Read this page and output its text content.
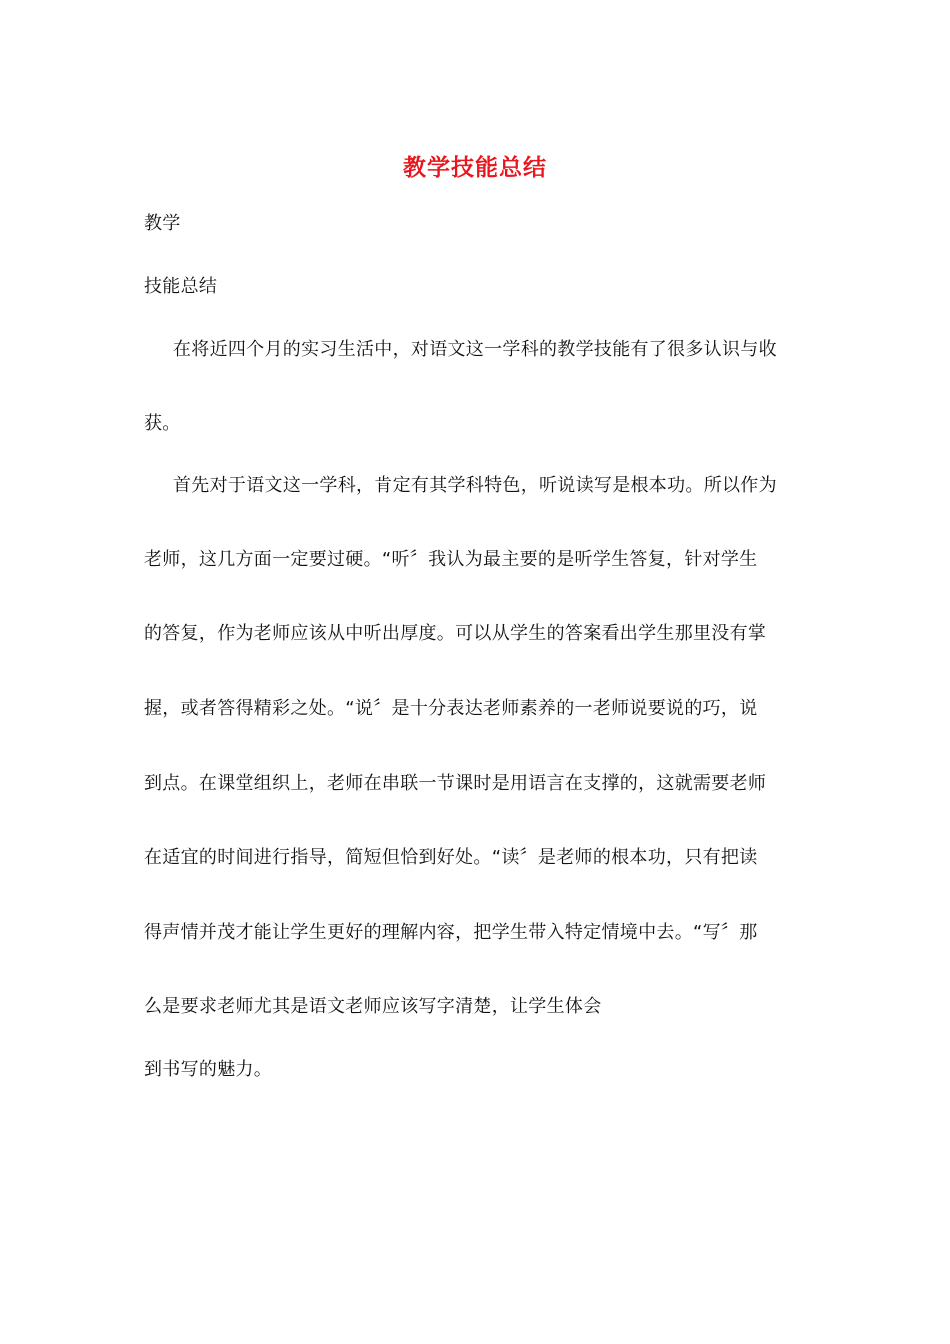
教学技能总结
教学
技能总结
在将近四个月的实习生活中，对语文这一学科的教学技能有了很多认识与收
获。
首先对于语文这一学科，肯定有其学科特色，听说读写是根本功。所以作为
老师，这几方面一定要过硬。“听〞我认为最主要的是听学生答复，针对学生
的答复，作为老师应该从中听出厚度。可以从学生的答案看出学生那里没有掌
握，或者答得精彩之处。“说〞是十分表达老师素养的一老师说要说的巧，说
到点。在课堂组织上，老师在串联一节课时是用语言在支撑的，这就需要老师
在适宜的时间进行指导，简短但恰到好处。“读〞是老师的根本功，只有把读
得声情并茂才能让学生更好的理解内容，把学生带入特定情境中去。“写〞那
么是要求老师尤其是语文老师应该写字清楚，让学生体会
到书写的魅力。
